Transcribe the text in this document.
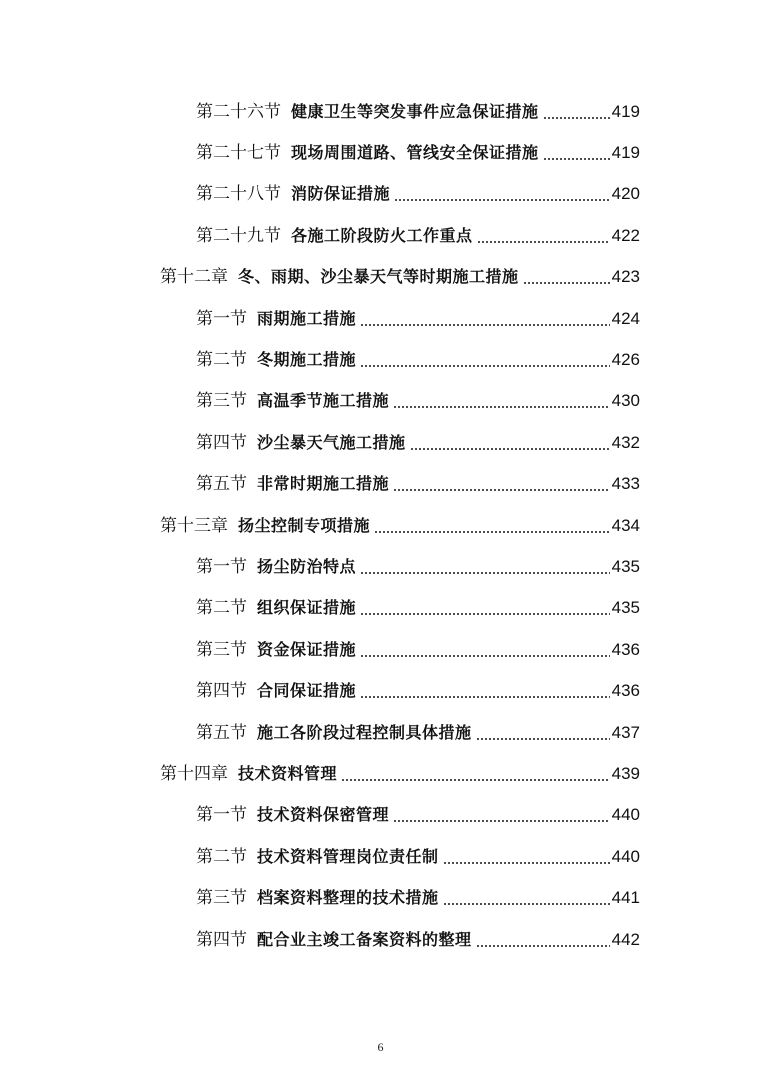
第二十六节 健康卫生等突发事件应急保证措施	419
第二十七节 现场周围道路、管线安全保证措施	419
第二十八节 消防保证措施	420
第二十九节 各施工阶段防火工作重点	422
第十二章 冬、雨期、沙尘暴天气等时期施工措施	423
第一节 雨期施工措施	424
第二节 冬期施工措施	426
第三节 高温季节施工措施	430
第四节 沙尘暴天气施工措施	432
第五节 非常时期施工措施	433
第十三章 扬尘控制专项措施	434
第一节 扬尘防治特点	435
第二节 组织保证措施	435
第三节 资金保证措施	436
第四节 合同保证措施	436
第五节 施工各阶段过程控制具体措施	437
第十四章 技术资料管理	439
第一节 技术资料保密管理	440
第二节 技术资料管理岗位责任制	440
第三节 档案资料整理的技术措施	441
第四节 配合业主竣工备案资料的整理	442
6
